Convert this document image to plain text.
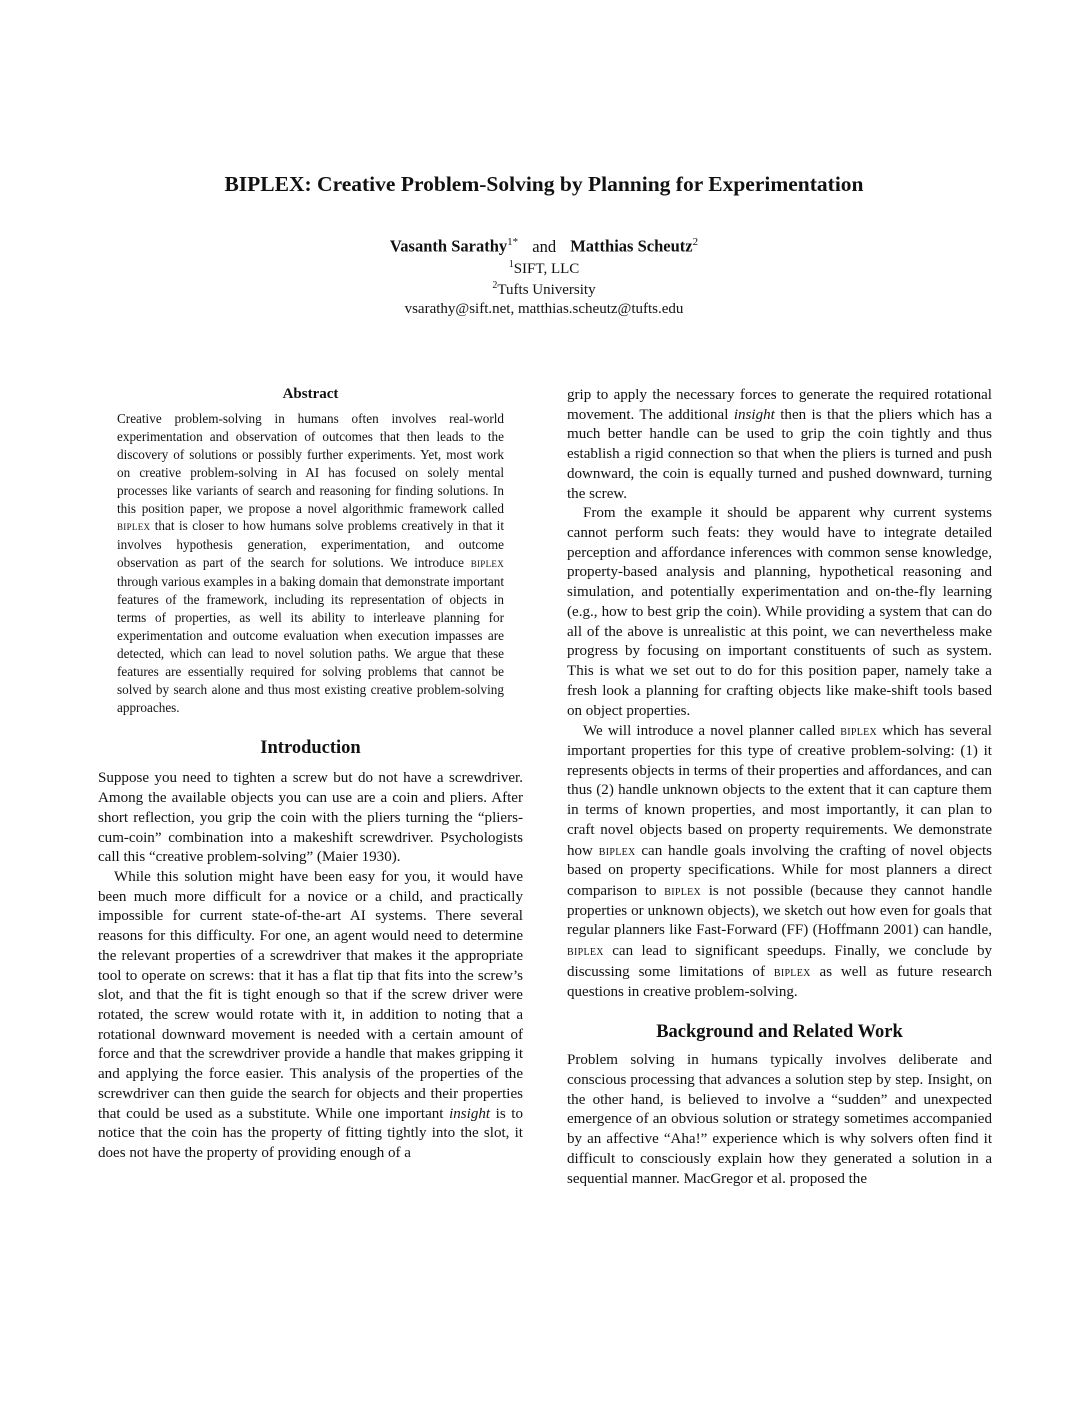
BIPLEX: Creative Problem-Solving by Planning for Experimentation
Vasanth Sarathy$^{1*}$ and Matthias Scheutz$^2$
$^1$SIFT, LLC
$^2$Tufts University
vsarathy@sift.net, matthias.scheutz@tufts.edu
Abstract

Creative problem-solving in humans often involves real-world experimentation and observation of outcomes that then leads to the discovery of solutions or possibly further experiments. Yet, most work on creative problem-solving in AI has focused on solely mental processes like variants of search and reasoning for finding solutions. In this position paper, we propose a novel algorithmic framework called biplex that is closer to how humans solve problems creatively in that it involves hypothesis generation, experimentation, and outcome observation as part of the search for solutions. We introduce biplex through various examples in a baking domain that demonstrate important features of the framework, including its representation of objects in terms of properties, as well its ability to interleave planning for experimentation and outcome evaluation when execution impasses are detected, which can lead to novel solution paths. We argue that these features are essentially required for solving problems that cannot be solved by search alone and thus most existing creative problem-solving approaches.

Introduction

Suppose you need to tighten a screw but do not have a screwdriver. Among the available objects you can use are a coin and pliers. After short reflection, you grip the coin with the pliers turning the “pliers-cum-coin” combination into a makeshift screwdriver. Psychologists call this “creative problem-solving” (Maier 1930).

While this solution might have been easy for you, it would have been much more difficult for a novice or a child, and practically impossible for current state-of-the-art AI systems. There several reasons for this difficulty. For one, an agent would need to determine the relevant properties of a screwdriver that makes it the appropriate tool to operate on screws: that it has a flat tip that fits into the screw’s slot, and that the fit is tight enough so that if the screw driver were rotated, the screw would rotate with it, in addition to noting that a rotational downward movement is needed with a certain amount of force and that the screwdriver provide a handle that makes gripping it and applying the force easier. This analysis of the properties of the screwdriver can then guide the search for objects and their properties that could be used as a substitute. While one important insight is to notice that the coin has the property of fitting tightly into the slot, it does not have the property of providing enough of a

grip to apply the necessary forces to generate the required rotational movement. The additional insight then is that the pliers which has a much better handle can be used to grip the coin tightly and thus establish a rigid connection so that when the pliers is turned and push downward, the coin is equally turned and pushed downward, turning the screw.

From the example it should be apparent why current systems cannot perform such feats: they would have to integrate detailed perception and affordance inferences with common sense knowledge, property-based analysis and planning, hypothetical reasoning and simulation, and potentially experimentation and on-the-fly learning (e.g., how to best grip the coin). While providing a system that can do all of the above is unrealistic at this point, we can nevertheless make progress by focusing on important constituents of such as system. This is what we set out to do for this position paper, namely take a fresh look a planning for crafting objects like make-shift tools based on object properties.

We will introduce a novel planner called biplex which has several important properties for this type of creative problem-solving: (1) it represents objects in terms of their properties and affordances, and can thus (2) handle unknown objects to the extent that it can capture them in terms of known properties, and most importantly, it can plan to craft novel objects based on property requirements. We demonstrate how biplex can handle goals involving the crafting of novel objects based on property specifications. While for most planners a direct comparison to biplex is not possible (because they cannot handle properties or unknown objects), we sketch out how even for goals that regular planners like Fast-Forward (FF) (Hoffmann 2001) can handle, biplex can lead to significant speedups. Finally, we conclude by discussing some limitations of biplex as well as future research questions in creative problem-solving.

Background and Related Work

Problem solving in humans typically involves deliberate and conscious processing that advances a solution step by step. Insight, on the other hand, is believed to involve a “sudden” and unexpected emergence of an obvious solution or strategy sometimes accompanied by an affective “Aha!” experience which is why solvers often find it difficult to consciously explain how they generated a solution in a sequential manner. MacGregor et al. proposed the
